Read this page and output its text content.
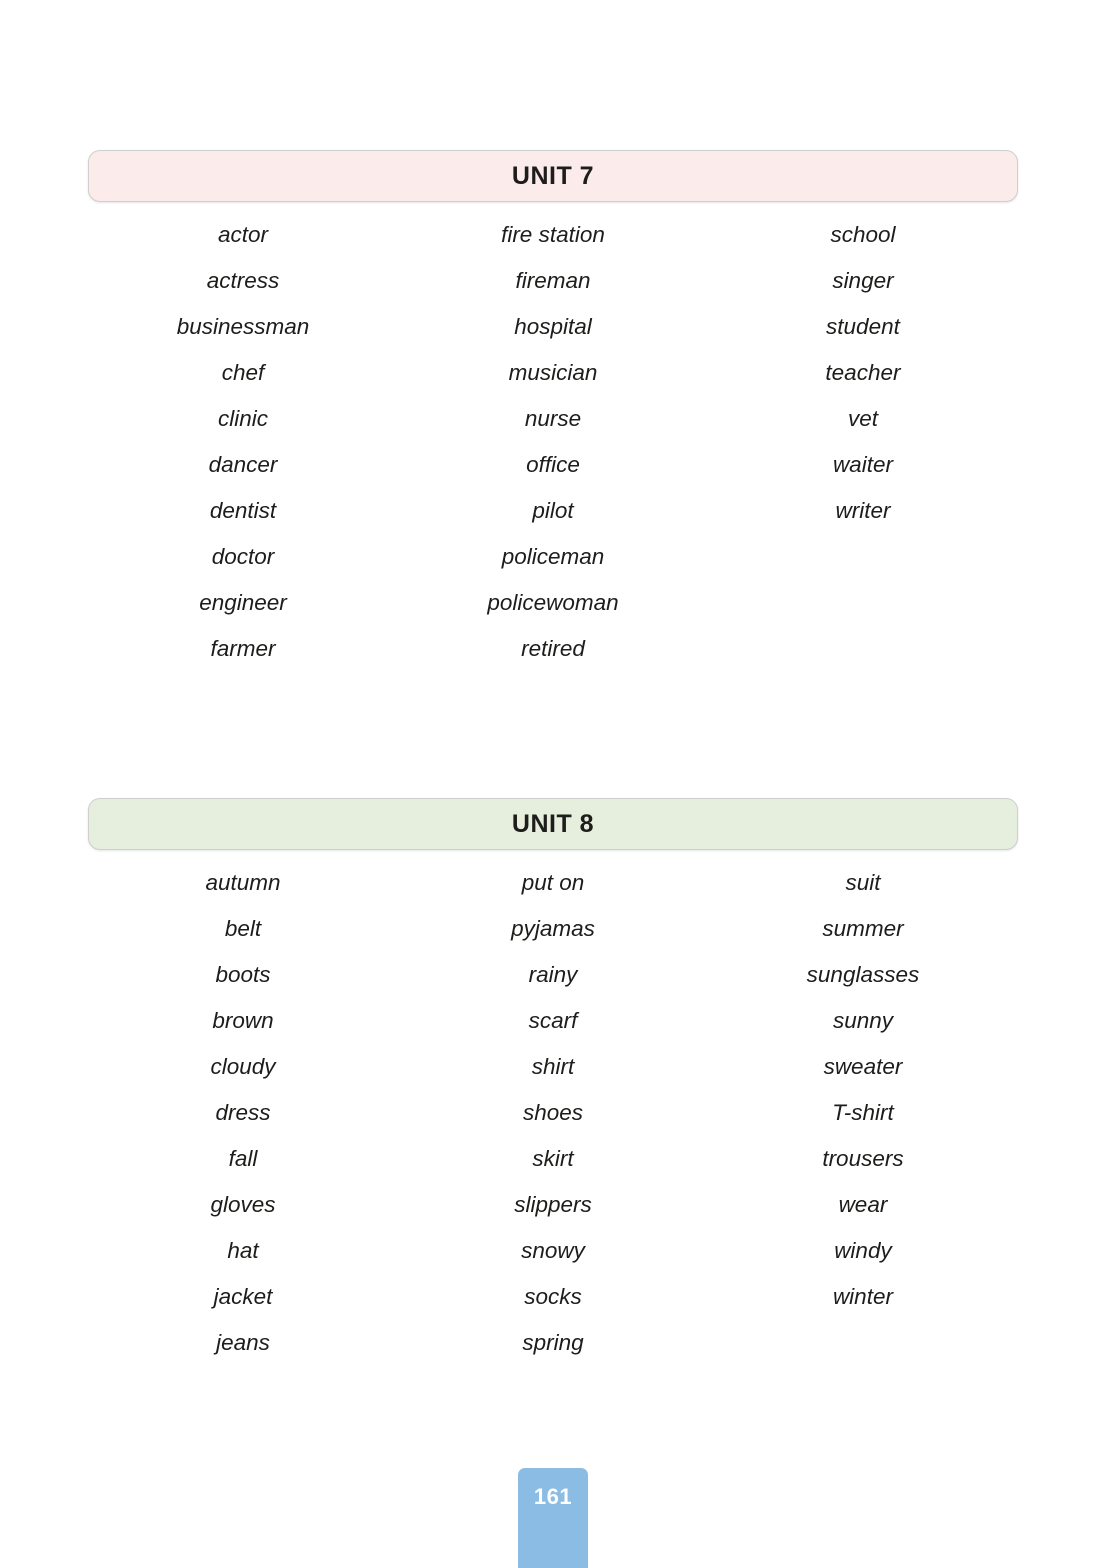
UNIT 7
actor
actress
businessman
chef
clinic
dancer
dentist
doctor
engineer
farmer
fire station
fireman
hospital
musician
nurse
office
pilot
policeman
policewoman
retired
school
singer
student
teacher
vet
waiter
writer
UNIT 8
autumn
belt
boots
brown
cloudy
dress
fall
gloves
hat
jacket
jeans
put on
pyjamas
rainy
scarf
shirt
shoes
skirt
slippers
snowy
socks
spring
suit
summer
sunglasses
sunny
sweater
T-shirt
trousers
wear
windy
winter
161
